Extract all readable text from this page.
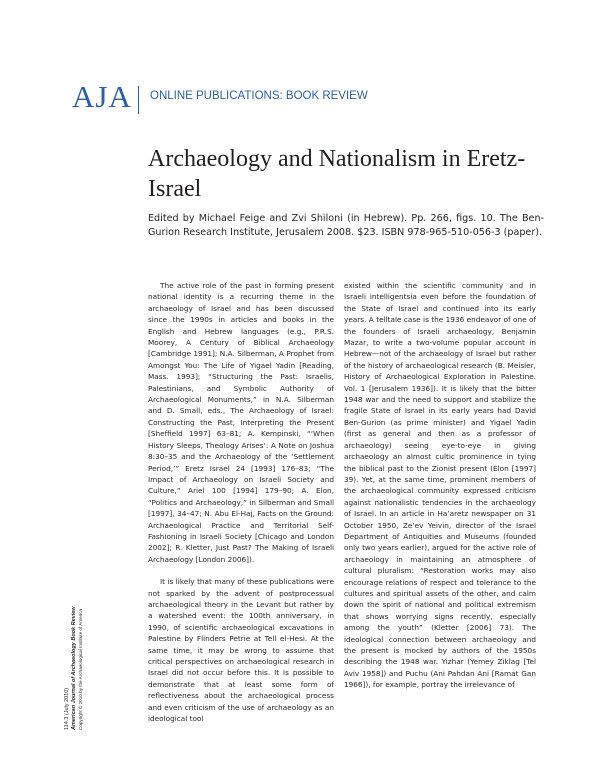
AJA ONLINE PUBLICATIONS: BOOK REVIEW
Archaeology and Nationalism in Eretz-Israel

Edited by Michael Feige and Zvi Shiloni (in Hebrew). Pp. 266, figs. 10. The Ben-Gurion Research Institute, Jerusalem 2008. $23. ISBN 978-965-510-056-3 (paper).

The active role of the past in forming present national identity is a recurring theme in the archaeology of Israel and has been discussed since the 1990s in articles and books in the English and Hebrew languages (e.g., P.R.S. Moorey, A Century of Biblical Archaeology [Cambridge 1991]; N.A. Silberman, A Prophet from Amongst You: The Life of Yigael Yadin [Reading, Mass. 1993]; “Structuring the Past: Israelis, Palestinians, and Symbolic Authority of Archaeological Monuments,” in N.A. Silberman and D. Small, eds., The Archaeology of Israel: Constructing the Past, Interpreting the Present [Sheffield 1997] 63–81; A. Kempinski, “‘When History Sleeps, Theology Arises’: A Note on Joshua 8:30–35 and the Archaeology of the ‘Settlement Period,’” Eretz Israel 24 [1993] 176–83; “The Impact of Archaeology on Israeli Society and Culture,” Ariel 100 [1994] 179–90; A. Elon, “Politics and Archaeology,” in Silberman and Small [1997], 34–47; N. Abu El-Haj, Facts on the Ground: Archaeological Practice and Territorial Self-Fashioning in Israeli Society [Chicago and London 2002]; R. Kletter, Just Past? The Making of Israeli Archaeology [London 2006]).

It is likely that many of these publications were not sparked by the advent of postprocessual archaeological theory in the Levant but rather by a watershed event: the 100th anniversary, in 1990, of scientific archaeological excavations in Palestine by Flinders Petrie at Tell el-Hesi. At the same time, it may be wrong to assume that critical perspectives on archaeological research in Israel did not occur before this. It is possible to demonstrate that at least some form of reflectiveness about the archaeological process and even criticism of the use of archaeology as an ideological tool

existed within the scientific community and in Israeli intelligentsia even before the foundation of the State of Israel and continued into its early years. A telltale case is the 1936 endeavor of one of the founders of Israeli archaeology, Benjamin Mazar, to write a two-volume popular account in Hebrew—not of the archaeology of Israel but rather of the history of archaeological research (B. Meisler, History of Archaeological Exploration in Palestine. Vol. 1 [Jerusalem 1936]). It is likely that the bitter 1948 war and the need to support and stabilize the fragile State of Israel in its early years had David Ben-Gurion (as prime minister) and Yigael Yadin (first as general and then as a professor of archaeology) seeing eye-to-eye in giving archaeology an almost cultic prominence in tying the biblical past to the Zionist present (Elon [1997] 39). Yet, at the same time, prominent members of the archaeological community expressed criticism against nationalistic tendencies in the archaeology of Israel. In an article in Ha’aretz newspaper on 31 October 1950, Ze’ev Yeivin, director of the Israel Department of Antiquities and Museums (founded only two years earlier), argued for the active role of archaeology in maintaining an atmosphere of cultural pluralism: “Restoration works may also encourage relations of respect and tolerance to the cultures and spiritual assets of the other, and calm down the spirit of national and political extremism that shows worrying signs recently, especially among the youth” (Kletter [2006] 73). The ideological connection between archaeology and the present is mocked by authors of the 1950s describing the 1948 war. Yizhar (Yemey Ziklag [Tel Aviv 1958]) and Puchu (Ani Pahdan Ani [Ramat Gan 1966]), for example, portray the irrelevance of

114.3 (July 2010) American Journal of Archaeology Book Review Copyright © 2010 by the Archaeological Institute of America
